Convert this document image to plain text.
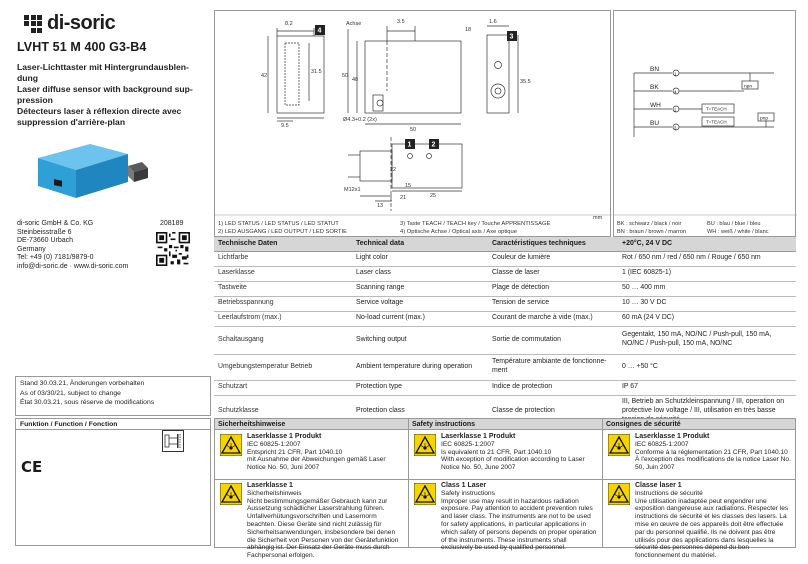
di-soric
LVHT 51 M 400 G3-B4
Laser-Lichttaster mit Hintergrundausblen-
dung
Laser diffuse sensor with background sup-
pression
Détecteurs laser à réflexion directe avec
suppression d'arrière-plan
di-soric GmbH & Co. KG
Steinbeisstraße 6
DE-73660 Urbach
Germany
Tel: +49 (0) 7181/9879-0
info@di-soric.de · www.di-soric.com
208189
Stand 30.03.21, Änderungen vorbehalten
As of 03/30/21, subject to change
État 30.03.21, sous réserve de modifications
Funktion / Function / Fonction
CE
8.2	3.5	1.6
42
31.5
50
48
18
35.5
9.5
50
22
15
21	25
13
M12x1
Ø4.3+0.2 (2x)
Achse
mm
4
3
1	2
1) LED STATUS / LED STATUS / LED STATUT
2) LED AUSGANG / LED OUTPUT / LED SORTIE
3) Taste TEACH / TEACH key / Touche APPRENTISSAGE
4) Optische Achse / Optical axis / Axe optique
BN
BK
WH
BU
1
4
2
3
npn
T=TEACH
T=TEACH
pnp
BK : schwarz / black / noir
BN : braun / brown / marron
BU : blau / blue / bleu
WH : weiß / white / blanc
Technische Daten	Technical data	Caractéristiques techniques	+20°C, 24 V DC
Lichtfarbe	Light color	Couleur de lumière	Rot / 650 nm / red / 650 nm / Rouge / 650 nm
Laserklasse	Laser class	Classe de laser	1 (IEC 60825-1)
Tastweite	Scanning range	Plage de détection	50 … 400 mm
Betriebsspannung	Service voltage	Tension de service	10 … 30 V DC
Leerlaufstrom (max.)	No-load current (max.)	Courant de marche à vide (max.)	60 mA (24 V DC)
Schaltausgang	Switching output	Sortie de commutation	Gegentakt, 150 mA, NO/NC / Push-pull, 150 mA, NO/NC / Push-pull, 150 mA, NO/NC
Umgebungstemperatur Betrieb	Ambient temperature during operation	Température ambiante de fonctionne-ment	0 … +50 °C
Schutzart	Protection type	Indice de protection	IP 67
Schutzklasse	Protection class	Classe de protection	III, Betrieb an Schutzkleinspannung / III, operation on protective low voltage / III, utilisation en très basse
Sicherheitshinweise
Laserklasse 1 Produkt
IEC 60825-1:2007
Entspricht 21 CFR, Part 1040.10
mit Ausnahme der Abweichungen gemäß Laser Notice No. 50, Juni 2007
Laserklasse 1
Sicherheitshinweis
Nicht bestimmungsgemäßer Gebrauch kann zur Aussetzung schädlicher Laserstrahlung führen. Unfallverhütungsvorschriften und Lasernorm beachten. Diese Geräte sind nicht zulässig für Sicherheitsanwendungen, insbesondere bei denen die Sicherheit von Personen von der Gerätefunktion abhängig ist. Der Einsatz der Geräte muss durch Fachpersonal erfolgen.
Safety instructions
Laserklasse 1 Produkt
IEC 60825-1:2007
Is equivalent to 21 CFR, Part 1040.10
With exception of modification according to Laser Notice No. 50, June 2007
Class 1 Laser
Safety instructions
Improper use may result in hazardous radiation exposure. Pay attention to accident prevention rules and laser class. The instruments are not to be used for safety applications, in particular applications in which safety of persons depends on proper operation of the instruments. These instruments shall exclusively be used by qualified personnel.
Consignes de sécurité
Laserklasse 1 Produkt
IEC 60825-1:2007
Conforme à la réglementation 21 CFR, Part 1040.10
À l'exception des modifications de la notice Laser No. 50, Juin 2007
Classe laser 1
Instructions de sécurité
Une utilisation inadaptée peut engendrer une exposition dangereuse aux radiations. Respecter les instructions de sécurité et les classes des lasers. La mise en œuvre de ces appareils doit être effectuée par du personnel qualifié. Ils ne doivent pas être utilisés pour des applications dans lesquelles la sécurité des personnes dépend du bon fonctionnement du matériel.
